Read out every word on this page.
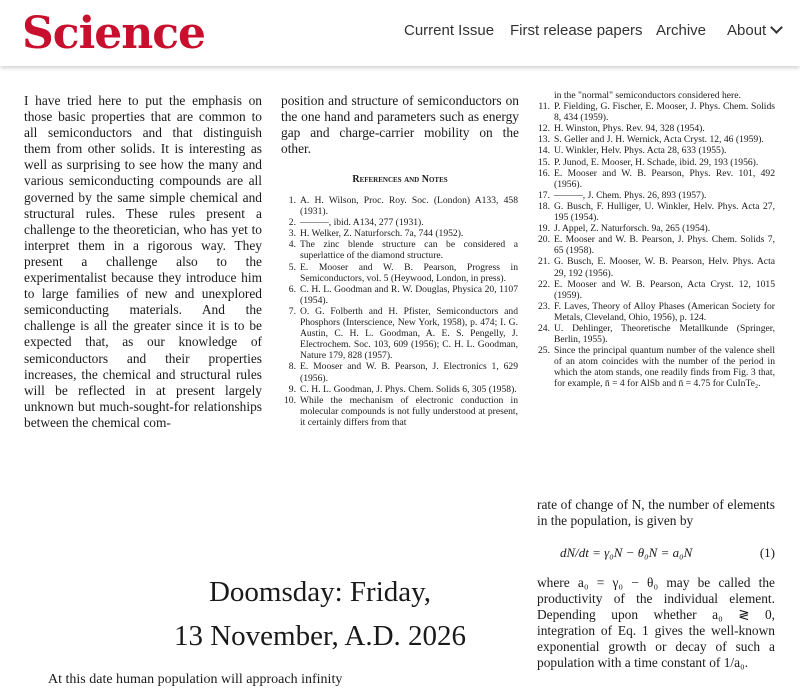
Science	Current Issue First release papers Archive About
I have tried here to put the emphasis on those basic properties that are common to all semiconductors and that distinguish them from other solids. It is interesting as well as surprising to see how the many and various semiconducting compounds are all governed by the same simple chemical and structural rules. These rules present a challenge to the theoretician, who has yet to interpret them in a rigorous way. They present a challenge also to the experimentalist because they introduce him to large families of new and unexplored semiconducting materials. And the challenge is all the greater since it is to be expected that, as our knowledge of semiconductors and their properties increases, the chemical and structural rules will be reflected in at present largely unknown but much-sought-for relationships between the chemical com-
position and structure of semiconductors on the one hand and parameters such as energy gap and charge-carrier mobility on the other.
References and Notes
1. A. H. Wilson, Proc. Roy. Soc. (London) A133, 458 (1931).
2. ———, ibid. A134, 277 (1931).
3. H. Welker, Z. Naturforsch. 7a, 744 (1952).
4. The zinc blende structure can be considered a superlattice of the diamond structure.
5. E. Mooser and W. B. Pearson, Progress in Semiconductors, vol. 5 (Heywood, London, in press).
6. C. H. L. Goodman and R. W. Douglas, Physica 20, 1107 (1954).
7. O. G. Folberth and H. Pfister, Semiconductors and Phosphors (Interscience, New York, 1958), p. 474; I. G. Austin, C. H. L. Goodman, A. E. S. Pengelly, J. Electrochem. Soc. 103, 609 (1956); C. H. L. Goodman, Nature 179, 828 (1957).
8. E. Mooser and W. B. Pearson, J. Electronics 1, 629 (1956).
9. C. H. L. Goodman, J. Phys. Chem. Solids 6, 305 (1958).
10. While the mechanism of electronic conduction in molecular compounds is not fully understood at present, it certainly differs from that
in the "normal" semiconductors considered here.
11. P. Fielding, G. Fischer, E. Mooser, J. Phys. Chem. Solids 8, 434 (1959).
12. H. Winston, Phys. Rev. 94, 328 (1954).
13. S. Geller and J. H. Wernick, Acta Cryst. 12, 46 (1959).
14. U. Winkler, Helv. Phys. Acta 28, 633 (1955).
15. P. Junod, E. Mooser, H. Schade, ibid. 29, 193 (1956).
16. E. Mooser and W. B. Pearson, Phys. Rev. 101, 492 (1956).
17. ———, J. Chem. Phys. 26, 893 (1957).
18. G. Busch, F. Hulliger, U. Winkler, Helv. Phys. Acta 27, 195 (1954).
19. J. Appel, Z. Naturforsch. 9a, 265 (1954).
20. E. Mooser and W. B. Pearson, J. Phys. Chem. Solids 7, 65 (1958).
21. G. Busch, E. Mooser, W. B. Pearson, Helv. Phys. Acta 29, 192 (1956).
22. E. Mooser and W. B. Pearson, Acta Cryst. 12, 1015 (1959).
23. F. Laves, Theory of Alloy Phases (American Society for Metals, Cleveland, Ohio, 1956), p. 124.
24. U. Dehlinger, Theoretische Metallkunde (Springer, Berlin, 1955).
25. Since the principal quantum number of the valence shell of an atom coincides with the number of the period in which the atom stands, one readily finds from Fig. 3 that, for example, n̄ = 4 for AlSb and n̄ = 4.75 for CuInTe₂.
rate of change of N, the number of elements in the population, is given by
dN/dt = γ₀N − θ₀N = a₀N	(1)
where a₀ = γ₀ − θ₀ may be called the productivity of the individual element. Depending upon whether a₀ ≷ 0, integration of Eq. 1 gives the well-known exponential growth or decay of such a population with a time constant of 1/a₀.
Doomsday: Friday,
13 November, A.D. 2026
At this date human population will approach infinity
